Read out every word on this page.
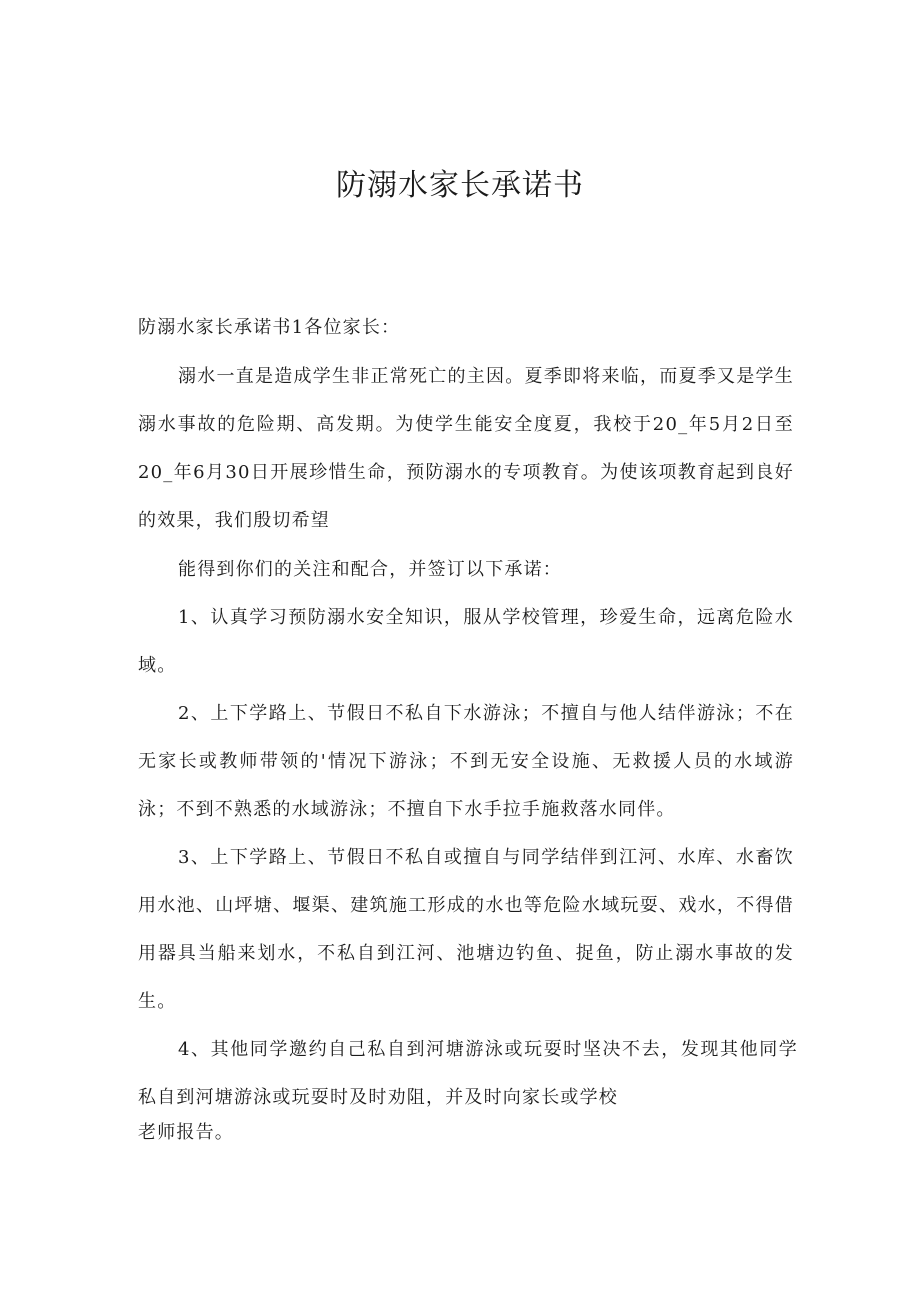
防溺水家长承诺书
防溺水家长承诺书1各位家长：
溺水一直是造成学生非正常死亡的主因。夏季即将来临，而夏季又是学生溺水事故的危险期、高发期。为使学生能安全度夏，我校于20_年5月2日至20_年6月30日开展珍惜生命，预防溺水的专项教育。为使该项教育起到良好的效果，我们殷切希望
能得到你们的关注和配合，并签订以下承诺：
1、认真学习预防溺水安全知识，服从学校管理，珍爱生命，远离危险水域。
2、上下学路上、节假日不私自下水游泳；不擅自与他人结伴游泳；不在无家长或教师带领的'情况下游泳；不到无安全设施、无救援人员的水域游泳；不到不熟悉的水域游泳；不擅自下水手拉手施救落水同伴。
3、上下学路上、节假日不私自或擅自与同学结伴到江河、水库、水畜饮用水池、山坪塘、堰渠、建筑施工形成的水也等危险水域玩耍、戏水，不得借用器具当船来划水，不私自到江河、池塘边钓鱼、捉鱼，防止溺水事故的发生。
4、其他同学邀约自己私自到河塘游泳或玩耍时坚决不去，发现其他同学私自到河塘游泳或玩耍时及时劝阻，并及时向家长或学校
老师报告。
